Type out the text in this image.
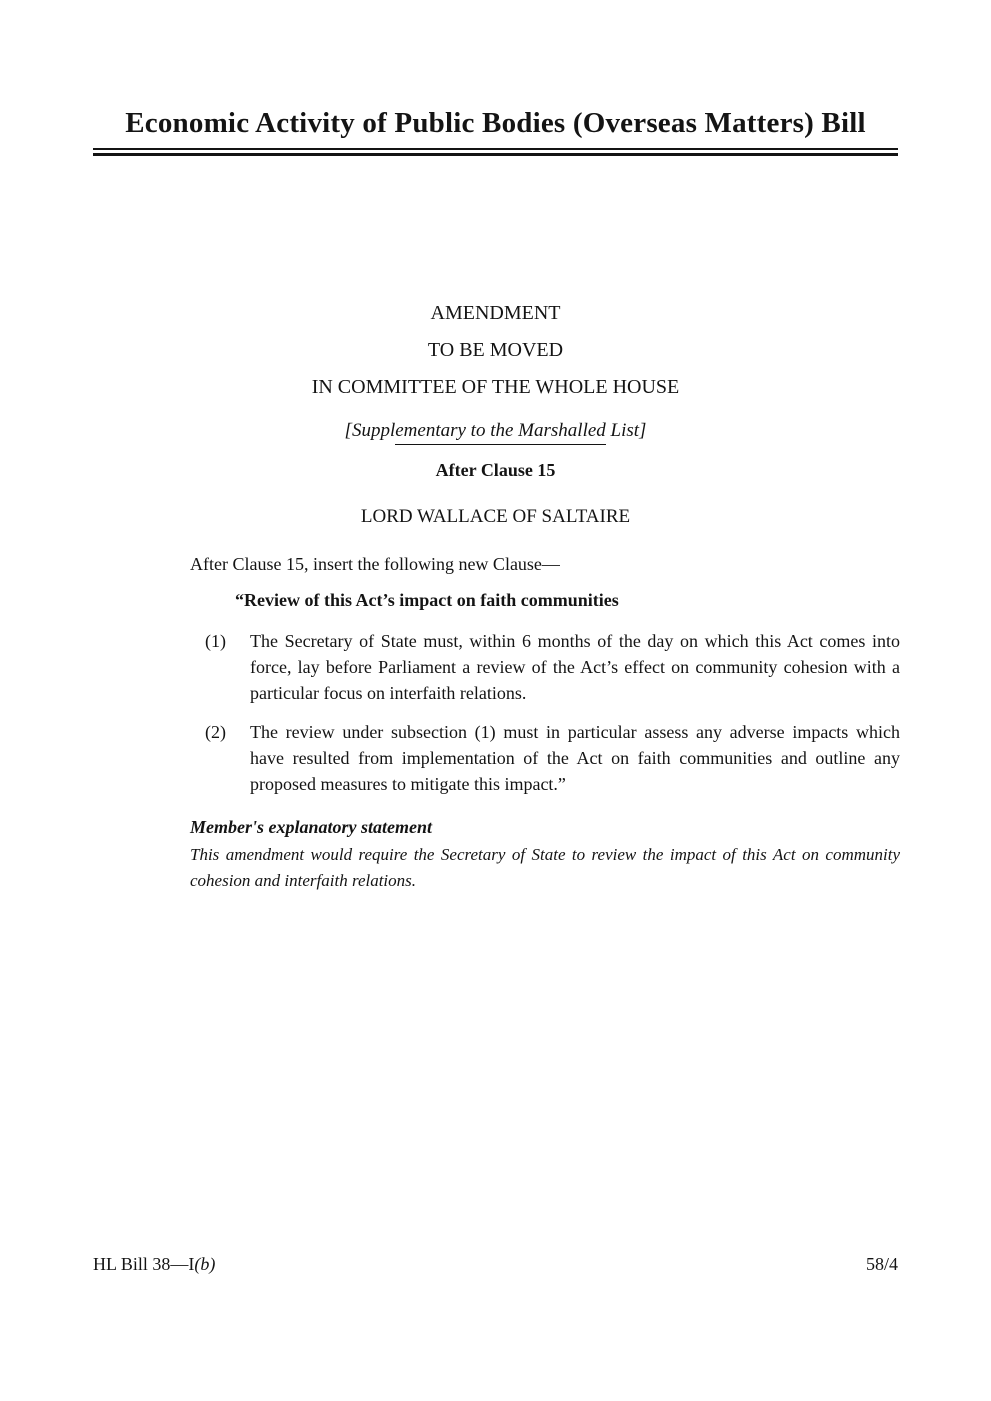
Economic Activity of Public Bodies (Overseas Matters) Bill
AMENDMENT
TO BE MOVED
IN COMMITTEE OF THE WHOLE HOUSE
[Supplementary to the Marshalled List]
After Clause 15
LORD WALLACE OF SALTAIRE

After Clause 15, insert the following new Clause—

“Review of this Act’s impact on faith communities

(1)	The Secretary of State must, within 6 months of the day on which this Act comes into force, lay before Parliament a review of the Act’s effect on community cohesion with a particular focus on interfaith relations.
(2)	The review under subsection (1) must in particular assess any adverse impacts which have resulted from implementation of the Act on faith communities and outline any proposed measures to mitigate this impact.”

Member's explanatory statement

This amendment would require the Secretary of State to review the impact of this Act on community cohesion and interfaith relations.

HL Bill 38—I(b)	58/4
